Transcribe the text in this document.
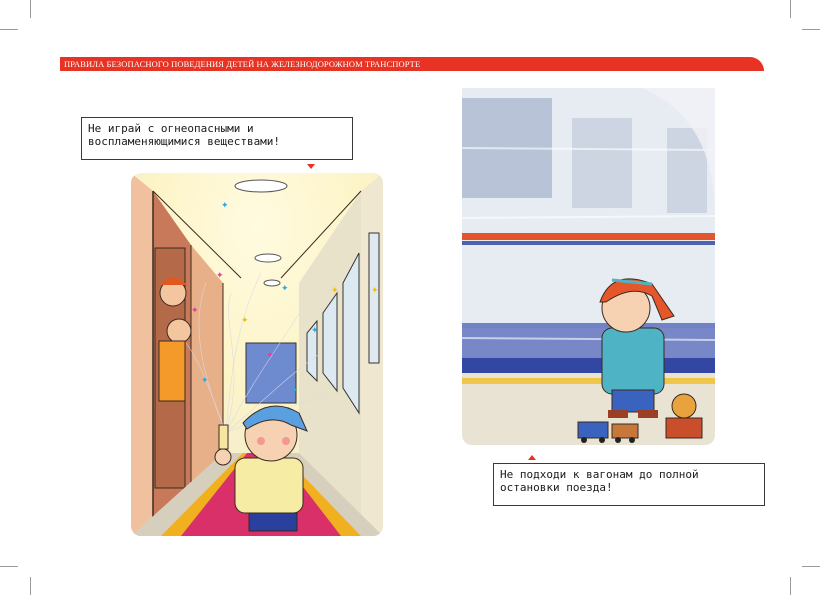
ПРАВИЛА БЕЗОПАСНОГО ПОВЕДЕНИЯ ДЕТЕЙ НА ЖЕЛЕЗНОДОРОЖНОМ ТРАНСПОРТЕ
Не играй с огнеопасными и
воспламеняющимися веществами!
✦
✦
✦
✦
✦
✦
✦
✦
✦
✦
✦
Не подходи к вагонам до полной
остановки поезда!
